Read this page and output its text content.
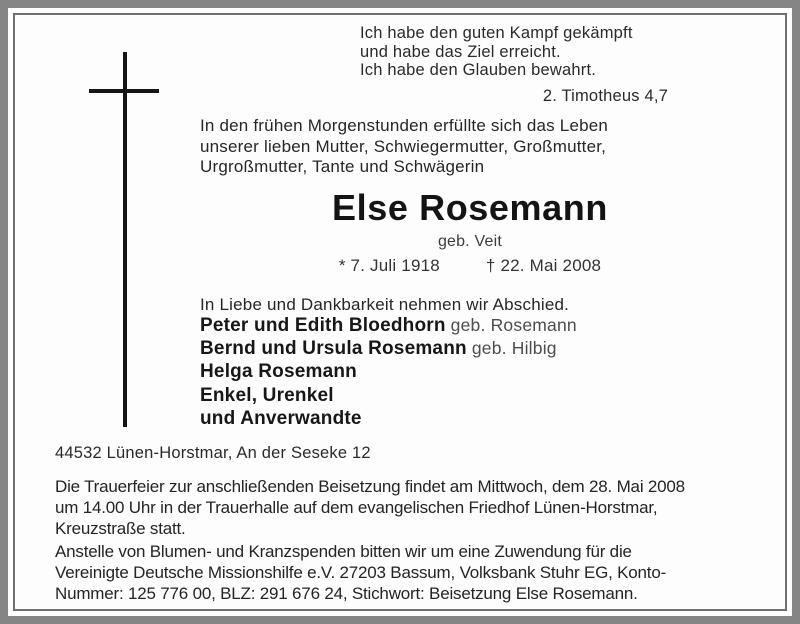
Ich habe den guten Kampf gekämpft
und habe das Ziel erreicht.
Ich habe den Glauben bewahrt.
2. Timotheus 4,7
In den frühen Morgenstunden erfüllte sich das Leben
unserer lieben Mutter, Schwiegermutter, Großmutter,
Urgroßmutter, Tante und Schwägerin
Else Rosemann
geb. Veit
* 7. Juli 1918	† 22. Mai 2008
In Liebe und Dankbarkeit nehmen wir Abschied.
Peter und Edith Bloedhorn geb. Rosemann
Bernd und Ursula Rosemann geb. Hilbig
Helga Rosemann
Enkel, Urenkel
und Anverwandte
44532 Lünen-Horstmar, An der Seseke 12
Die Trauerfeier zur anschließenden Beisetzung findet am Mittwoch, dem 28. Mai 2008
um 14.00 Uhr in der Trauerhalle auf dem evangelischen Friedhof Lünen-Horstmar,
Kreuzstraße statt.
Anstelle von Blumen- und Kranzspenden bitten wir um eine Zuwendung für die
Vereinigte Deutsche Missionshilfe e.V. 27203 Bassum, Volksbank Stuhr EG, Konto-
Nummer: 125 776 00, BLZ: 291 676 24, Stichwort: Beisetzung Else Rosemann.
